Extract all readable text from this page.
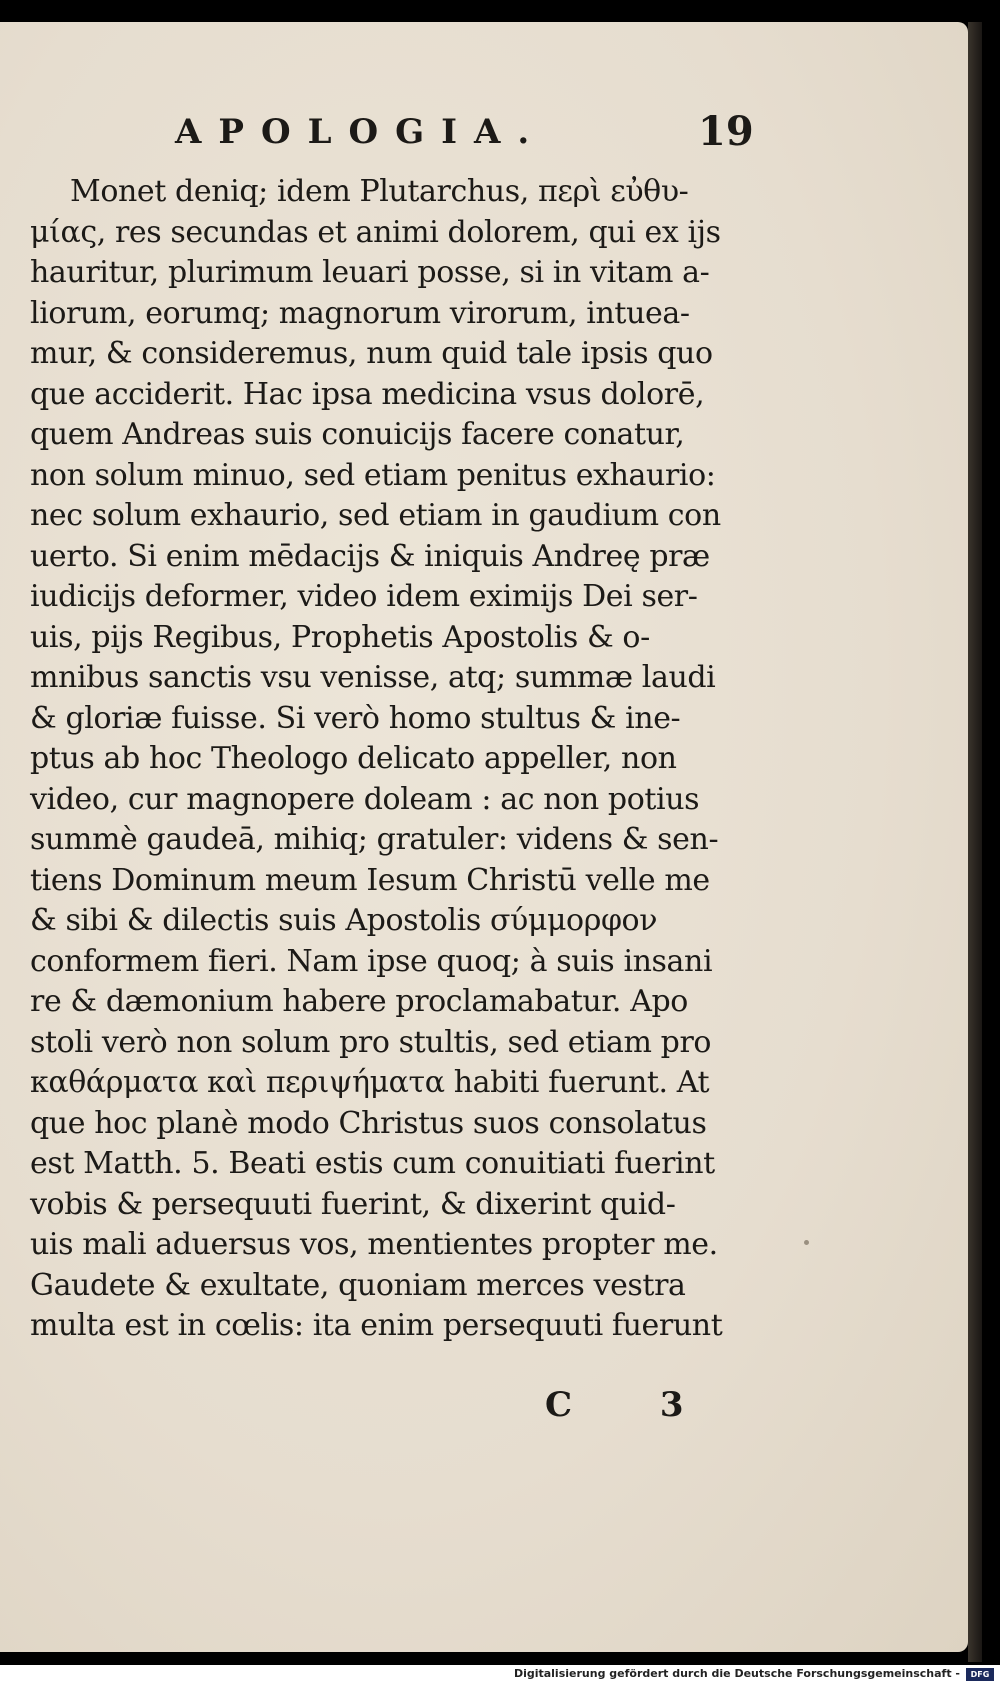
APOLOGIA.	19
Monet deniq; idem Plutarchus, περὶ εὐθυ-
μίας, res secundas et animi dolorem, qui ex ijs
hauritur, plurimum leuari posse, si in vitam a-
liorum, eorumq; magnorum virorum, intuea-
mur, & consideremus, num quid tale ipsis quo
que acciderit. Hac ipsa medicina vsus dolorē,
quem Andreas suis conuicijs facere conatur,
non solum minuo, sed etiam penitus exhaurio:
nec solum exhaurio, sed etiam in gaudium con
uerto. Si enim mēdacijs & iniquis Andreę præ
iudicijs deformer, video idem eximijs Dei ser-
uis, pijs Regibus, Prophetis Apostolis & o-
mnibus sanctis vsu venisse, atq; summæ laudi
& gloriæ fuisse. Si verò homo stultus & ine-
ptus ab hoc Theologo delicato appeller, non
video, cur magnopere doleam : ac non potius
summè gaudeā, mihiq; gratuler: videns & sen-
tiens Dominum meum Iesum Christū velle me
& sibi & dilectis suis Apostolis σύμμορφον
conformem fieri. Nam ipse quoq; à suis insani
re & dæmonium habere proclamabatur. Apo
stoli verò non solum pro stultis, sed etiam pro
καθάρματα καὶ περιψήματα habiti fuerunt. At
que hoc planè modo Christus suos consolatus
est Matth. 5. Beati estis cum conuitiati fuerint
vobis & persequuti fuerint, & dixerint quid-
uis mali aduersus vos, mentientes propter me.
Gaudete & exultate, quoniam merces vestra
multa est in cœlis: ita enim persequuti fuerunt
C 3
Digitalisierung gefördert durch die Deutsche Forschungsgemeinschaft -	DFG
